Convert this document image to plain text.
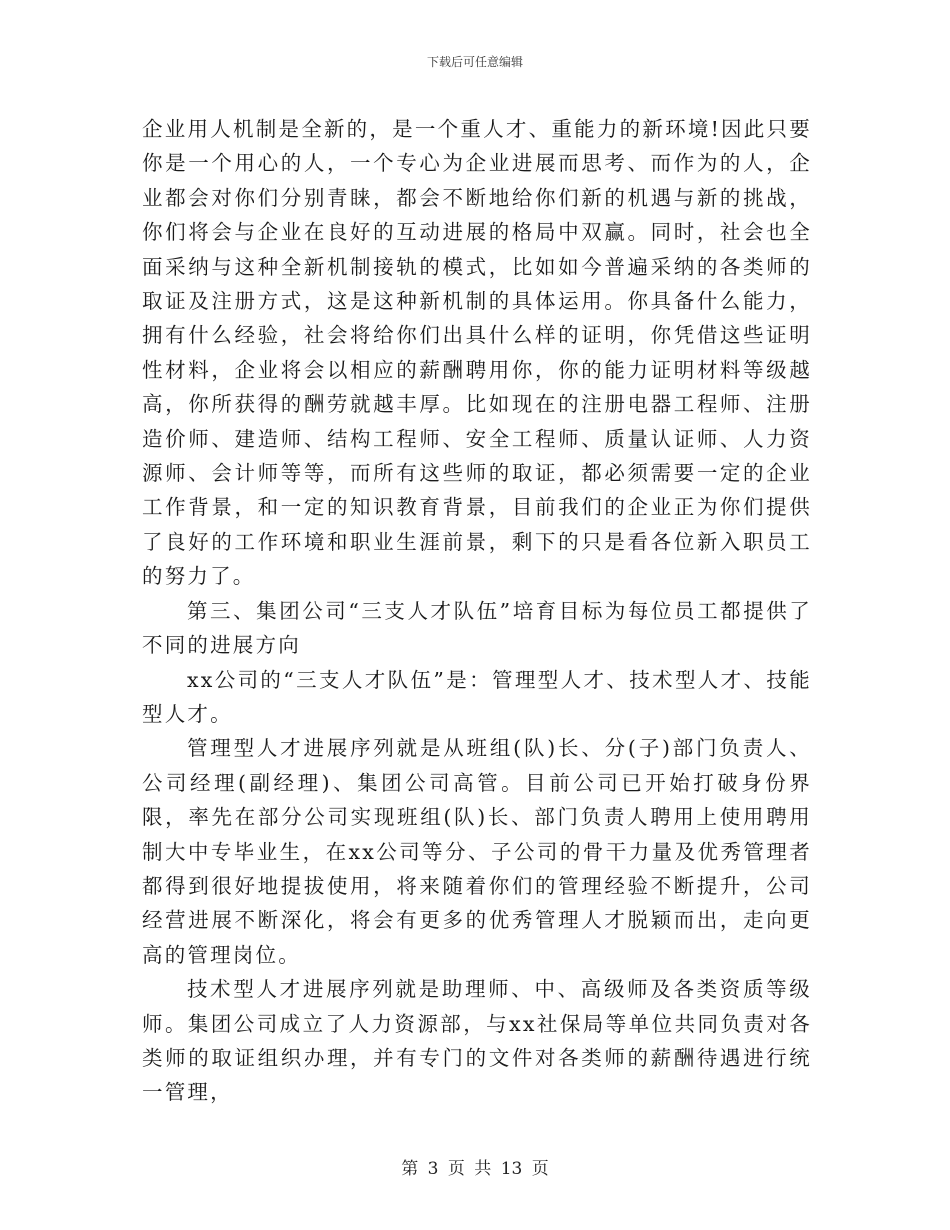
下载后可任意编辑

企业用人机制是全新的，是一个重人才、重能力的新环境!因此只要你是一个用心的人，一个专心为企业进展而思考、而作为的人，企业都会对你们分别青睐，都会不断地给你们新的机遇与新的挑战，你们将会与企业在良好的互动进展的格局中双赢。同时，社会也全面采纳与这种全新机制接轨的模式，比如如今普遍采纳的各类师的取证及注册方式，这是这种新机制的具体运用。你具备什么能力，拥有什么经验，社会将给你们出具什么样的证明，你凭借这些证明性材料，企业将会以相应的薪酬聘用你，你的能力证明材料等级越高，你所获得的酬劳就越丰厚。比如现在的注册电器工程师、注册造价师、建造师、结构工程师、安全工程师、质量认证师、人力资源师、会计师等等，而所有这些师的取证，都必须需要一定的企业工作背景，和一定的知识教育背景，目前我们的企业正为你们提供了良好的工作环境和职业生涯前景，剩下的只是看各位新入职员工的努力了。

第三、集团公司“三支人才队伍”培育目标为每位员工都提供了不同的进展方向

xx公司的“三支人才队伍”是：管理型人才、技术型人才、技能型人才。

管理型人才进展序列就是从班组(队)长、分(子)部门负责人、公司经理(副经理)、集团公司高管。目前公司已开始打破身份界限，率先在部分公司实现班组(队)长、部门负责人聘用上使用聘用制大中专毕业生，在xx公司等分、子公司的骨干力量及优秀管理者都得到很好地提拔使用，将来随着你们的管理经验不断提升，公司经营进展不断深化，将会有更多的优秀管理人才脱颖而出，走向更高的管理岗位。

技术型人才进展序列就是助理师、中、高级师及各类资质等级师。集团公司成立了人力资源部，与xx社保局等单位共同负责对各类师的取证组织办理，并有专门的文件对各类师的薪酬待遇进行统一管理，

第 3 页 共 13 页
